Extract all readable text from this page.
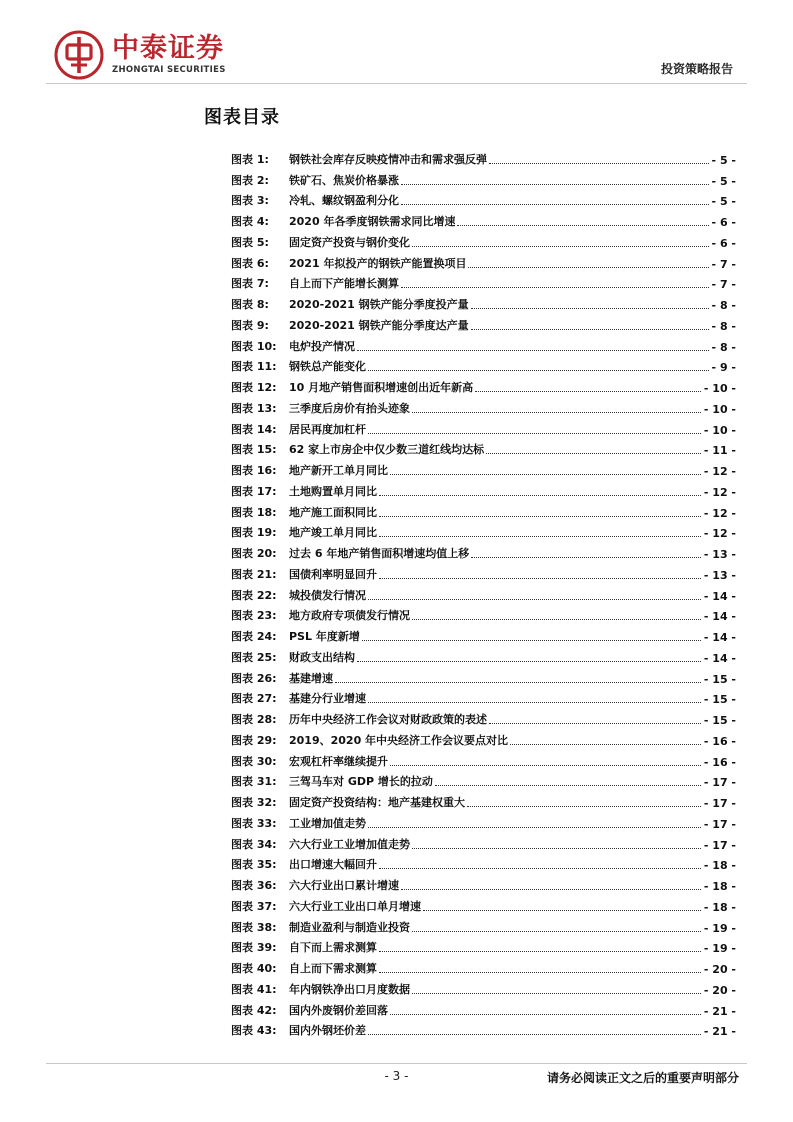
中泰证券
ZHONGTAI SECURITIES	投资策略报告
图表目录
图表 1:	钢铁社会库存反映疫情冲击和需求强反弹	- 5 -
图表 2:	铁矿石、焦炭价格暴涨	- 5 -
图表 3:	冷轧、螺纹钢盈利分化	- 5 -
图表 4:	2020 年各季度钢铁需求同比增速	- 6 -
图表 5:	固定资产投资与钢价变化	- 6 -
图表 6:	2021 年拟投产的钢铁产能置换项目	- 7 -
图表 7:	自上而下产能增长测算	- 7 -
图表 8:	2020-2021 钢铁产能分季度投产量	- 8 -
图表 9:	2020-2021 钢铁产能分季度达产量	- 8 -
图表 10:	电炉投产情况	- 8 -
图表 11:	钢铁总产能变化	- 9 -
图表 12:	10 月地产销售面积增速创出近年新高	- 10 -
图表 13:	三季度后房价有抬头迹象	- 10 -
图表 14:	居民再度加杠杆	- 10 -
图表 15:	62 家上市房企中仅少数三道红线均达标	- 11 -
图表 16:	地产新开工单月同比	- 12 -
图表 17:	土地购置单月同比	- 12 -
图表 18:	地产施工面积同比	- 12 -
图表 19:	地产竣工单月同比	- 12 -
图表 20:	过去 6 年地产销售面积增速均值上移	- 13 -
图表 21:	国债利率明显回升	- 13 -
图表 22:	城投债发行情况	- 14 -
图表 23:	地方政府专项债发行情况	- 14 -
图表 24:	PSL 年度新增	- 14 -
图表 25:	财政支出结构	- 14 -
图表 26:	基建增速	- 15 -
图表 27:	基建分行业增速	- 15 -
图表 28:	历年中央经济工作会议对财政政策的表述	- 15 -
图表 29:	2019、2020 年中央经济工作会议要点对比	- 16 -
图表 30:	宏观杠杆率继续提升	- 16 -
图表 31:	三驾马车对 GDP 增长的拉动	- 17 -
图表 32:	固定资产投资结构：地产基建权重大	- 17 -
图表 33:	工业增加值走势	- 17 -
图表 34:	六大行业工业增加值走势	- 17 -
图表 35:	出口增速大幅回升	- 18 -
图表 36:	六大行业出口累计增速	- 18 -
图表 37:	六大行业工业出口单月增速	- 18 -
图表 38:	制造业盈利与制造业投资	- 19 -
图表 39:	自下而上需求测算	- 19 -
图表 40:	自上而下需求测算	- 20 -
图表 41:	年内钢铁净出口月度数据	- 20 -
图表 42:	国内外废钢价差回落	- 21 -
图表 43:	国内外钢坯价差	- 21 -
- 3 -	请务必阅读正文之后的重要声明部分
